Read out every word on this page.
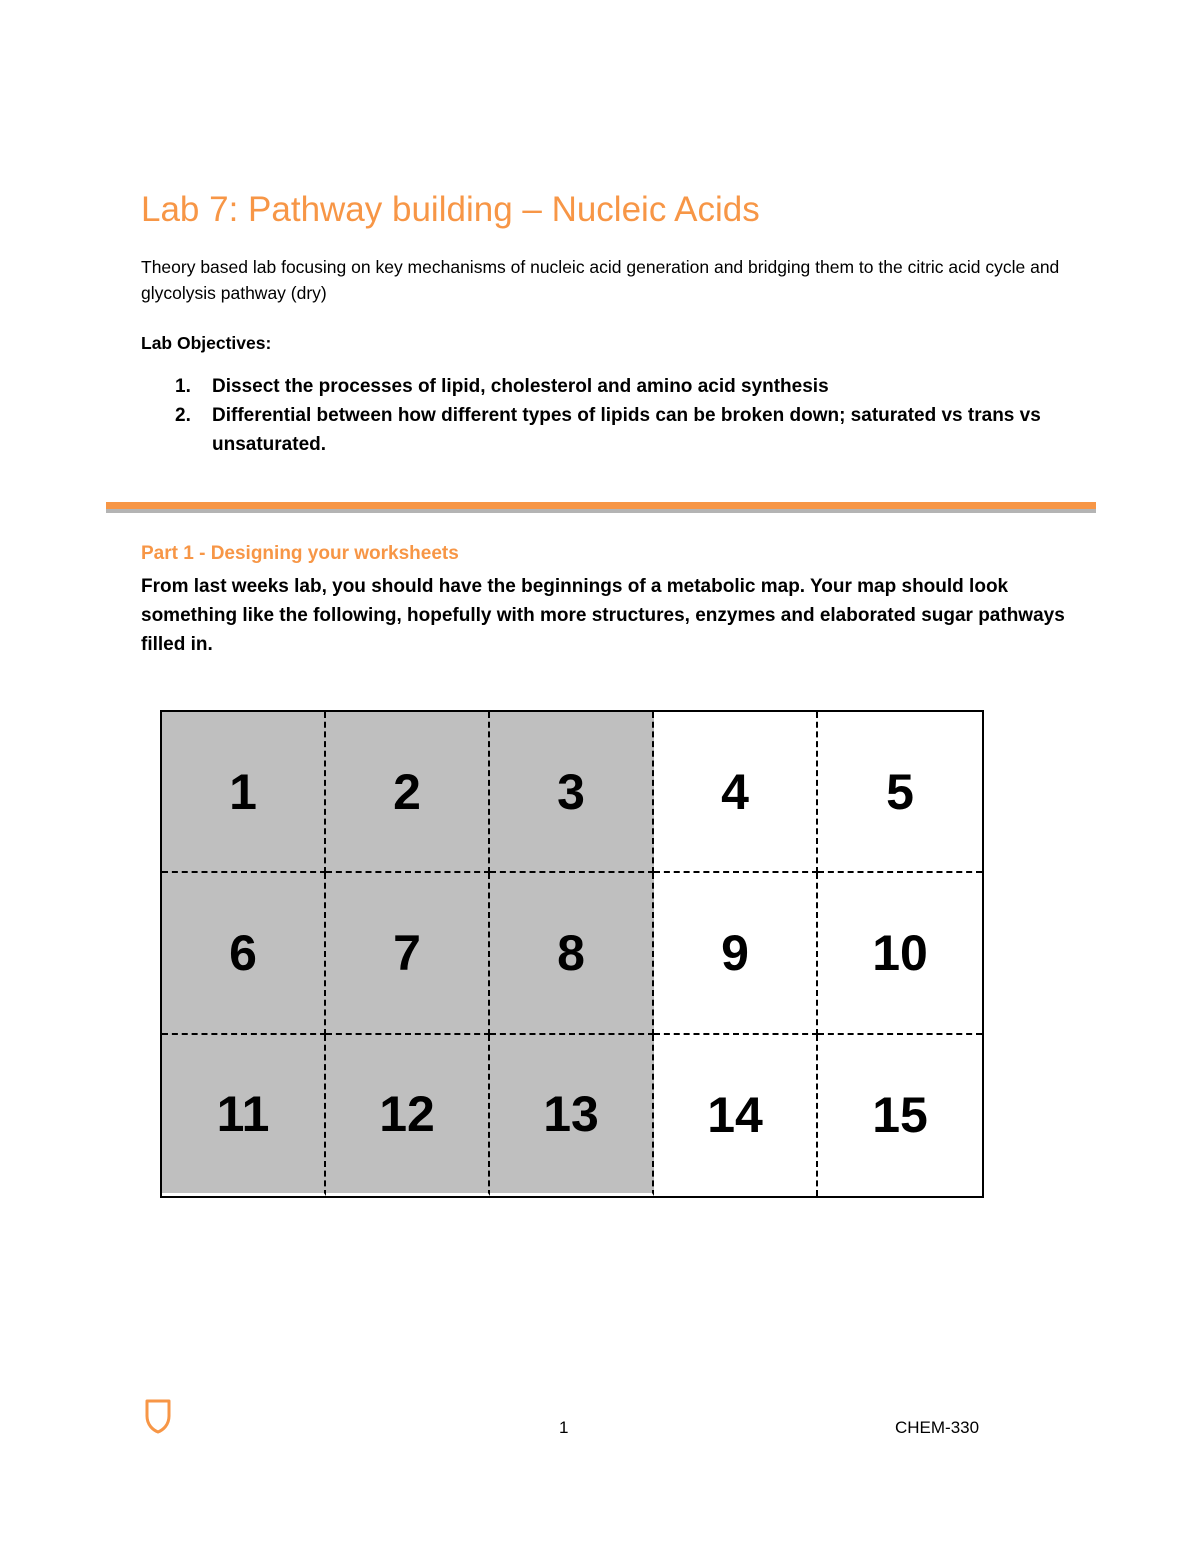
Lab 7: Pathway building – Nucleic Acids

Theory based lab focusing on key mechanisms of nucleic acid generation and bridging them to the citric acid cycle and glycolysis pathway (dry)

Lab Objectives:

1. Dissect the processes of lipid, cholesterol and amino acid synthesis
2. Differential between how different types of lipids can be broken down; saturated vs trans vs unsaturated.
Part 1 - Designing your worksheets

From last weeks lab, you should have the beginnings of a metabolic map. Your map should look something like the following, hopefully with more structures, enzymes and elaborated sugar pathways filled in.

1	2	3	4	5
6	7	8	9	10
11	12	13	14	15
1	CHEM-330
